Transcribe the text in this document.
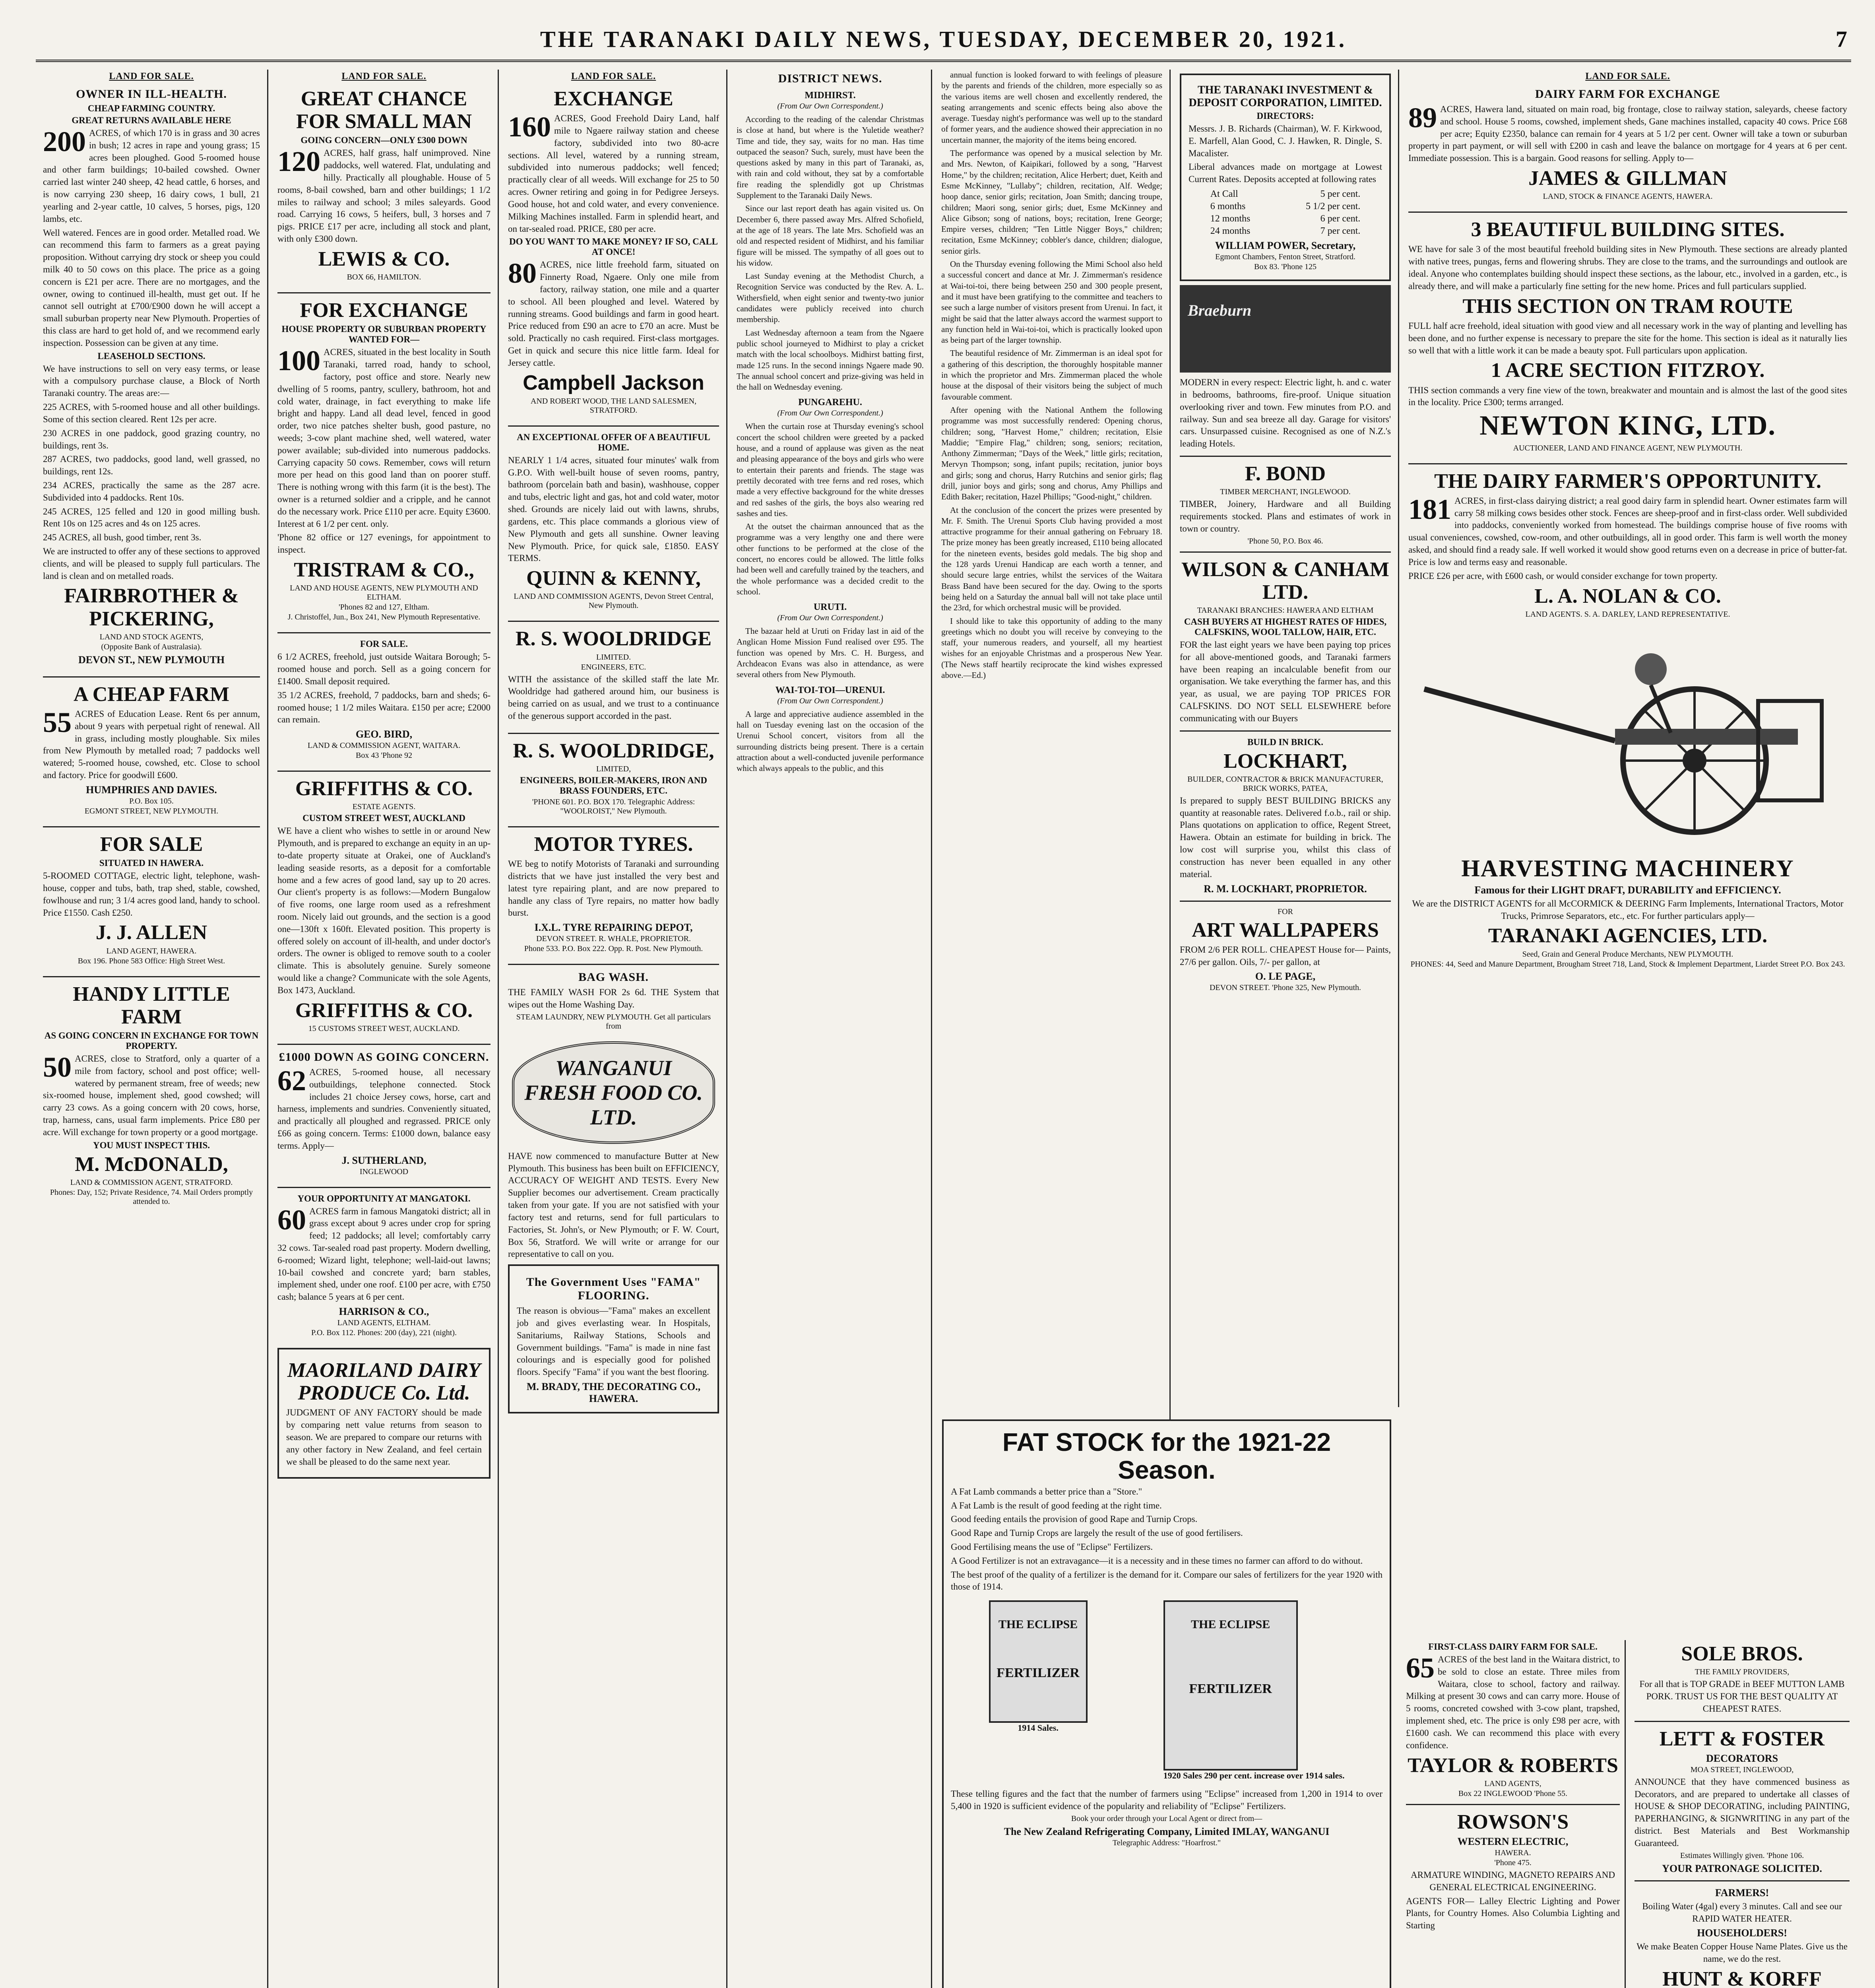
THE TARANAKI DAILY NEWS, TUESDAY, DECEMBER 20, 1921.	7
LAND FOR SALE.
OWNER IN ILL-HEALTH.
CHEAP FARMING COUNTRY.
GREAT RETURNS AVAILABLE HERE
200 ACRES, of which 170 is in grass and 30 acres in bush; 12 acres in rape and young grass; 15 acres been ploughed. Good 5-roomed house and other farm buildings; 10-bailed cowshed. Owner carried last winter 240 sheep, 42 head cattle, 6 horses, and is now carrying 230 sheep, 16 dairy cows, 1 bull, 21 yearling and 2-year cattle, 10 calves, 5 horses, pigs, 120 lambs, etc.
Well watered. Fences are in good order. Metalled road. We can recommend this farm to farmers as a great paying proposition. Without carrying dry stock or sheep you could milk 40 to 50 cows on this place. The price as a going concern is £21 per acre. There are no mortgages, and the owner, owing to continued ill-health, must get out. If he cannot sell outright at £700/£900 down he will accept a small suburban property near New Plymouth. Properties of this class are hard to get hold of, and we recommend early inspection. Possession can be given at any time.
LEASEHOLD SECTIONS.
We have instructions to sell on very easy terms, or lease with a compulsory purchase clause, a Block of North Taranaki country. The areas are:—
225 ACRES, with 5-roomed house and all other buildings. Some of this section cleared. Rent 12s per acre.
230 ACRES in one paddock, good grazing country, no buildings, rent 3s.
287 ACRES, two paddocks, good land, well grassed, no buildings, rent 12s.
234 ACRES, practically the same as the 287 acre. Subdivided into 4 paddocks. Rent 10s.
245 ACRES, 125 felled and 120 in good milling bush. Rent 10s on 125 acres and 4s on 125 acres.
245 ACRES, all bush, good timber, rent 3s.
We are instructed to offer any of these sections to approved clients, and will be pleased to supply full particulars. The land is clean and on metalled roads.
FAIRBROTHER & PICKERING,
LAND AND STOCK AGENTS,
(Opposite Bank of Australasia).
DEVON ST., NEW PLYMOUTH
A CHEAP FARM
55 ACRES of Education Lease. Rent 6s per annum, about 9 years with perpetual right of renewal. All in grass, including mostly ploughable. Six miles from New Plymouth by metalled road; 7 paddocks well watered; 5-roomed house, cowshed, etc. Close to school and factory. Price for goodwill £600.
HUMPHRIES AND DAVIES.
P.O. Box 105.
EGMONT STREET, NEW PLYMOUTH.
FOR SALE
SITUATED IN HAWERA.
5-ROOMED COTTAGE, electric light, telephone, wash-house, copper and tubs, bath, trap shed, stable, cowshed, fowlhouse and run; 3 1/4 acres good land, handy to school. Price £1550. Cash £250.
J. J. ALLEN
LAND AGENT, HAWERA.
Box 196. Phone 583 Office: High Street West.
HANDY LITTLE FARM
AS GOING CONCERN IN EXCHANGE FOR TOWN PROPERTY.
50 ACRES, close to Stratford, only a quarter of a mile from factory, school and post office; well-watered by permanent stream, free of weeds; new six-roomed house, implement shed, good cowshed; will carry 23 cows. As a going concern with 20 cows, horse, trap, harness, cans, usual farm implements. Price £80 per acre. Will exchange for town property or a good mortgage.
YOU MUST INSPECT THIS.
M. McDONALD,
LAND & COMMISSION AGENT, STRATFORD.
Phones: Day, 152; Private Residence, 74. Mail Orders promptly attended to.
LAND FOR SALE.
GREAT CHANCE FOR SMALL MAN
GOING CONCERN—ONLY £300 DOWN
120 ACRES, half grass, half unimproved. Nine paddocks, well watered. Flat, undulating and hilly. Practically all ploughable. House of 5 rooms, 8-bail cowshed, barn and other buildings; 1 1/2 miles to railway and school; 3 miles saleyards. Good road. Carrying 16 cows, 5 heifers, bull, 3 horses and 7 pigs. PRICE £17 per acre, including all stock and plant, with only £300 down.
LEWIS & CO.
BOX 66, HAMILTON.
FOR EXCHANGE
HOUSE PROPERTY OR SUBURBAN PROPERTY WANTED FOR—
100 ACRES, situated in the best locality in South Taranaki, tarred road, handy to school, factory, post office and store. Nearly new dwelling of 5 rooms, pantry, scullery, bathroom, hot and cold water, drainage, in fact everything to make life bright and happy. Land all dead level, fenced in good order, two nice patches shelter bush, good pasture, no weeds; 3-cow plant machine shed, well watered, water power available; sub-divided into numerous paddocks. Carrying capacity 50 cows. Remember, cows will return more per head on this good land than on poorer stuff. There is nothing wrong with this farm (it is the best). The owner is a returned soldier and a cripple, and he cannot do the necessary work. Price £110 per acre. Equity £3600. Interest at 6 1/2 per cent. only.
'Phone 82 office or 127 evenings, for appointment to inspect.
TRISTRAM & CO.,
LAND AND HOUSE AGENTS, NEW PLYMOUTH AND ELTHAM.
'Phones 82 and 127, Eltham.
J. Christoffel, Jun., Box 241, New Plymouth Representative.
FOR SALE.
6 1/2 ACRES, freehold, just outside Waitara Borough; 5-roomed house and porch. Sell as a going concern for £1400. Small deposit required.
35 1/2 ACRES, freehold, 7 paddocks, barn and sheds; 6-roomed house; 1 1/2 miles Waitara. £150 per acre; £2000 can remain.
GEO. BIRD,
LAND & COMMISSION AGENT, WAITARA.
Box 43 'Phone 92
GRIFFITHS & CO.
ESTATE AGENTS.
CUSTOM STREET WEST, AUCKLAND
WE have a client who wishes to settle in or around New Plymouth, and is prepared to exchange an equity in an up-to-date property situate at Orakei, one of Auckland's leading seaside resorts, as a deposit for a comfortable home and a few acres of good land, say up to 20 acres. Our client's property is as follows:—Modern Bungalow of five rooms, one large room used as a refreshment room. Nicely laid out grounds, and the section is a good one—130ft x 160ft. Elevated position. This property is offered solely on account of ill-health, and under doctor's orders. The owner is obliged to remove south to a cooler climate. This is absolutely genuine. Surely someone would like a change? Communicate with the sole Agents, Box 1473, Auckland.
GRIFFITHS & CO.
15 CUSTOMS STREET WEST, AUCKLAND.
£1000 DOWN AS GOING CONCERN.
62 ACRES, 5-roomed house, all necessary outbuildings, telephone connected. Stock includes 21 choice Jersey cows, horse, cart and harness, implements and sundries. Conveniently situated, and practically all ploughed and regrassed. PRICE only £66 as going concern. Terms: £1000 down, balance easy terms. Apply—
J. SUTHERLAND,
INGLEWOOD
YOUR OPPORTUNITY AT MANGATOKI.
60 ACRES farm in famous Mangatoki district; all in grass except about 9 acres under crop for spring feed; 12 paddocks; all level; comfortably carry 32 cows. Tar-sealed road past property. Modern dwelling, 6-roomed; Wizard light, telephone; well-laid-out lawns; 10-bail cowshed and concrete yard; barn stables, implement shed, under one roof. £100 per acre, with £750 cash; balance 5 years at 6 per cent.
HARRISON & CO.,
LAND AGENTS, ELTHAM.
P.O. Box 112. Phones: 200 (day), 221 (night).
MAORILAND DAIRY PRODUCE Co. Ltd.
JUDGMENT OF ANY FACTORY should be made by comparing nett value returns from season to season. We are prepared to compare our returns with any other factory in New Zealand, and feel certain we shall be pleased to do the same next year.
LAND FOR SALE.
EXCHANGE
160 ACRES, Good Freehold Dairy Land, half mile to Ngaere railway station and cheese factory, subdivided into two 80-acre sections. All level, watered by a running stream, subdivided into numerous paddocks; well fenced; practically clear of all weeds. Will exchange for 25 to 50 acres. Owner retiring and going in for Pedigree Jerseys. Good house, hot and cold water, and every convenience. Milking Machines installed. Farm in splendid heart, and on tar-sealed road. PRICE, £80 per acre.
DO YOU WANT TO MAKE MONEY? IF SO, CALL AT ONCE!
80 ACRES, nice little freehold farm, situated on Finnerty Road, Ngaere. Only one mile from factory, railway station, one mile and a quarter to school. All been ploughed and level. Watered by running streams. Good buildings and farm in good heart. Price reduced from £90 an acre to £70 an acre. Must be sold. Practically no cash required. First-class mortgages. Get in quick and secure this nice little farm. Ideal for Jersey cattle.
Campbell Jackson
AND ROBERT WOOD, THE LAND SALESMEN, STRATFORD.
AN EXCEPTIONAL OFFER OF A BEAUTIFUL HOME.
NEARLY 1 1/4 acres, situated four minutes' walk from G.P.O. With well-built house of seven rooms, pantry, bathroom (porcelain bath and basin), washhouse, copper and tubs, electric light and gas, hot and cold water, motor shed. Grounds are nicely laid out with lawns, shrubs, gardens, etc. This place commands a glorious view of New Plymouth and gets all sunshine. Owner leaving New Plymouth. Price, for quick sale, £1850. EASY TERMS.
QUINN & KENNY,
LAND AND COMMISSION AGENTS, Devon Street Central, New Plymouth.
R. S. WOOLDRIDGE
LIMITED.
ENGINEERS, ETC.
WITH the assistance of the skilled staff the late Mr. Wooldridge had gathered around him, our business is being carried on as usual, and we trust to a continuance of the generous support accorded in the past.
R. S. WOOLDRIDGE,
LIMITED,
ENGINEERS, BOILER-MAKERS, IRON AND BRASS FOUNDERS, ETC.
'PHONE 601. P.O. BOX 170. Telegraphic Address: "WOOLROIST," New Plymouth.
MOTOR TYRES.
WE beg to notify Motorists of Taranaki and surrounding districts that we have just installed the very best and latest tyre repairing plant, and are now prepared to handle any class of Tyre repairs, no matter how badly burst.
I.X.L. TYRE REPAIRING DEPOT,
DEVON STREET. R. WHALE, PROPRIETOR.
Phone 533. P.O. Box 222. Opp. R. Post. New Plymouth.
BAG WASH.
THE FAMILY WASH FOR 2s 6d. THE System that wipes out the Home Washing Day.
STEAM LAUNDRY, NEW PLYMOUTH. Get all particulars from
WANGANUI FRESH FOOD CO. LTD.
HAVE now commenced to manufacture Butter at New Plymouth. This business has been built on EFFICIENCY, ACCURACY OF WEIGHT AND TESTS. Every New Supplier becomes our advertisement. Cream practically taken from your gate. If you are not satisfied with your factory test and returns, send for full particulars to Factories, St. John's, or New Plymouth; or F. W. Court, Box 56, Stratford. We will write or arrange for our representative to call on you.
The Government Uses "FAMA" FLOORING.
The reason is obvious—"Fama" makes an excellent job and gives everlasting wear. In Hospitals, Sanitariums, Railway Stations, Schools and Government buildings. "Fama" is made in nine fast colourings and is especially good for polished floors. Specify "Fama" if you want the best flooring.
M. BRADY, THE DECORATING CO., HAWERA.
DISTRICT NEWS.
MIDHIRST.
(From Our Own Correspondent.)

According to the reading of the calendar Christmas is close at hand, but where is the Yuletide weather? Time and tide, they say, waits for no man. Has time outpaced the season? Such, surely, must have been the questions asked by many in this part of Taranaki, as, with rain and cold without, they sat by a comfortable fire reading the splendidly got up Christmas Supplement to the Taranaki Daily News.

Since our last report death has again visited us. On December 6, there passed away Mrs. Alfred Schofield, at the age of 18 years. The late Mrs. Schofield was an old and respected resident of Midhirst, and his familiar figure will be missed. The sympathy of all goes out to his widow.

Last Sunday evening at the Methodist Church, a Recognition Service was conducted by the Rev. A. L. Withersfield, when eight senior and twenty-two junior candidates were publicly received into church membership.

Last Wednesday afternoon a team from the Ngaere public school journeyed to Midhirst to play a cricket match with the local schoolboys. Midhirst batting first, made 125 runs. In the second innings Ngaere made 90. The annual school concert and prize-giving was held in the hall on Wednesday evening.

PUNGAREHU.
(From Our Own Correspondent.)

When the curtain rose at Thursday evening's school concert the school children were greeted by a packed house, and a round of applause was given as the neat and pleasing appearance of the boys and girls who were to entertain their parents and friends. The stage was prettily decorated with tree ferns and red roses, which made a very effective background for the white dresses and red sashes of the girls, the boys also wearing red sashes and ties.

At the outset the chairman announced that as the programme was a very lengthy one and there were other functions to be performed at the close of the concert, no encores could be allowed. The little folks had been well and carefully trained by the teachers, and the whole performance was a decided credit to the school.

URUTI.
(From Our Own Correspondent.)

The bazaar held at Uruti on Friday last in aid of the Anglican Home Mission Fund realised over £95. The function was opened by Mrs. C. H. Burgess, and Archdeacon Evans was also in attendance, as were several others from New Plymouth.

WAI-TOI-TOI—URENUI.
(From Our Own Correspondent.)

A large and appreciative audience assembled in the hall on Tuesday evening last on the occasion of the Urenui School concert, visitors from all the surrounding districts being present. There is a certain attraction about a well-conducted juvenile performance which always appeals to the public, and this

annual function is looked forward to with feelings of pleasure by the parents and friends of the children, more especially so as the various items are well chosen and excellently rendered, the seating arrangements and scenic effects being also above the average. Tuesday night's performance was well up to the standard of former years, and the audience showed their appreciation in no uncertain manner, the majority of the items being encored.

The performance was opened by a musical selection by Mr. and Mrs. Newton, of Kaipikari, followed by a song, "Harvest Home," by the children; recitation, Alice Herbert; duet, Keith and Esme McKinney, "Lullaby"; children, recitation, Alf. Wedge; hoop dance, senior girls; recitation, Joan Smith; dancing troupe, children; Maori song, senior girls; duet, Esme McKinney and Alice Gibson; song of nations, boys; recitation, Irene George; Empire verses, children; "Ten Little Nigger Boys," children; recitation, Esme McKinney; cobbler's dance, children; dialogue, senior girls.

On the Thursday evening following the Mimi School also held a successful concert and dance at Mr. J. Zimmerman's residence at Wai-toi-toi, there being between 250 and 300 people present, and it must have been gratifying to the committee and teachers to see such a large number of visitors present from Urenui. In fact, it might be said that the latter always accord the warmest support to any function held in Wai-toi-toi, which is practically looked upon as being part of the larger township.

The beautiful residence of Mr. Zimmerman is an ideal spot for a gathering of this description, the thoroughly hospitable manner in which the proprietor and Mrs. Zimmerman placed the whole house at the disposal of their visitors being the subject of much favourable comment.

After opening with the National Anthem the following programme was most successfully rendered: Opening chorus, children; song, "Harvest Home," children; recitation, Elsie Maddie; "Empire Flag," children; song, seniors; recitation, Anthony Zimmerman; "Days of the Week," little girls; recitation, Mervyn Thompson; song, infant pupils; recitation, junior boys and girls; song and chorus, Harry Rutchins and senior girls; flag drill, junior boys and girls; song and chorus, Amy Phillips and Edith Baker; recitation, Hazel Phillips; "Good-night," children.

At the conclusion of the concert the prizes were presented by Mr. F. Smith. The Urenui Sports Club having provided a most attractive programme for their annual gathering on February 18. The prize money has been greatly increased, £110 being allocated for the nineteen events, besides gold medals. The big shop and the 128 yards Urenui Handicap are each worth a tenner, and should secure large entries, whilst the services of the Waitara Brass Band have been secured for the day. Owing to the sports being held on a Saturday the annual ball will not take place until the 23rd, for which orchestral music will be provided.

I should like to take this opportunity of adding to the many greetings which no doubt you will receive by conveying to the staff, your numerous readers, and yourself, all my heartiest wishes for an enjoyable Christmas and a prosperous New Year. (The News staff heartily reciprocate the kind wishes expressed above.—Ed.)

FAT STOCK for the 1921-22 Season.
A Fat Lamb commands a better price than a "Store."
A Fat Lamb is the result of good feeding at the right time.
Good feeding entails the provision of good Rape and Turnip Crops.
Good Rape and Turnip Crops are largely the result of the use of good fertilisers.
Good Fertilising means the use of "Eclipse" Fertilizers.
A Good Fertilizer is not an extravagance—it is a necessity and in these times no farmer can afford to do without.
The best proof of the quality of a fertilizer is the demand for it. Compare our sales of fertilizers for the year 1920 with those of 1914.
THE ECLIPSE
FERTILIZER
1914 Sales.
THE ECLIPSE
FERTILIZER
1920 Sales 290 per cent. increase over 1914 sales.
These telling figures and the fact that the number of farmers using "Eclipse" increased from 1,200 in 1914 to over 5,400 in 1920 is sufficient evidence of the popularity and reliability of "Eclipse" Fertilizers.
Book your order through your Local Agent or direct from—
The New Zealand Refrigerating Company, Limited IMLAY, WANGANUI
Telegraphic Address: "Hoarfrost."
THE TARANAKI INVESTMENT & DEPOSIT CORPORATION, LIMITED.
DIRECTORS:
Messrs. J. B. Richards (Chairman), W. F. Kirkwood, E. Marfell, Alan Good, C. J. Hawken, R. Dingle, S. Macalister.
Liberal advances made on mortgage at Lowest Current Rates. Deposits accepted at following rates
At Call	5 per cent.
6 months	5 1/2 per cent.
12 months	6 per cent.
24 months	7 per cent.
WILLIAM POWER, Secretary,
Egmont Chambers, Fenton Street, Stratford.
Box 83. 'Phone 125
Braeburn
MODERN in every respect: Electric light, h. and c. water in bedrooms, bathrooms, fire-proof. Unique situation overlooking river and town. Few minutes from P.O. and railway. Sun and sea breeze all day. Garage for visitors' cars. Unsurpassed cuisine. Recognised as one of N.Z.'s leading Hotels.
F. BOND
TIMBER MERCHANT, INGLEWOOD.
TIMBER, Joinery, Hardware and all Building requirements stocked. Plans and estimates of work in town or country.
'Phone 50, P.O. Box 46.
WILSON & CANHAM LTD.
TARANAKI BRANCHES: HAWERA AND ELTHAM
CASH BUYERS AT HIGHEST RATES OF HIDES, CALFSKINS, WOOL TALLOW, HAIR, ETC.
FOR the last eight years we have been paying top prices for all above-mentioned goods, and Taranaki farmers have been reaping an incalculable benefit from our organisation. We take everything the farmer has, and this year, as usual, we are paying TOP PRICES FOR CALFSKINS. DO NOT SELL ELSEWHERE before communicating with our Buyers
BUILD IN BRICK.
LOCKHART,
BUILDER, CONTRACTOR & BRICK MANUFACTURER, BRICK WORKS, PATEA,
Is prepared to supply BEST BUILDING BRICKS any quantity at reasonable rates. Delivered f.o.b., rail or ship. Plans quotations on application to office, Regent Street, Hawera. Obtain an estimate for building in brick. The low cost will surprise you, whilst this class of construction has never been equalled in any other material.
R. M. LOCKHART, PROPRIETOR.
FOR
ART WALLPAPERS
FROM 2/6 PER ROLL. CHEAPEST House for— Paints, 27/6 per gallon. Oils, 7/- per gallon, at
O. LE PAGE,
DEVON STREET. 'Phone 325, New Plymouth.
LAND FOR SALE.
DAIRY FARM FOR EXCHANGE
89 ACRES, Hawera land, situated on main road, big frontage, close to railway station, saleyards, cheese factory and school. House 5 rooms, cowshed, implement sheds, Gane machines installed, capacity 40 cows. Price £68 per acre; Equity £2350, balance can remain for 4 years at 5 1/2 per cent. Owner will take a town or suburban property in part payment, or will sell with £200 in cash and leave the balance on mortgage for 4 years at 6 per cent. Immediate possession. This is a bargain. Good reasons for selling. Apply to—
JAMES & GILLMAN
LAND, STOCK & FINANCE AGENTS, HAWERA.
3 BEAUTIFUL BUILDING SITES.
WE have for sale 3 of the most beautiful freehold building sites in New Plymouth. These sections are already planted with native trees, pungas, ferns and flowering shrubs. They are close to the trams, and the surroundings and outlook are ideal. Anyone who contemplates building should inspect these sections, as the labour, etc., involved in a garden, etc., is already there, and will make a particularly fine setting for the new home. Prices and full particulars supplied.
THIS SECTION ON TRAM ROUTE
FULL half acre freehold, ideal situation with good view and all necessary work in the way of planting and levelling has been done, and no further expense is necessary to prepare the site for the home. This section is ideal as it naturally lies so well that with a little work it can be made a beauty spot. Full particulars upon application.
1 ACRE SECTION FITZROY.
THIS section commands a very fine view of the town, breakwater and mountain and is almost the last of the good sites in the locality. Price £300; terms arranged.
NEWTON KING, LTD.
AUCTIONEER, LAND AND FINANCE AGENT, NEW PLYMOUTH.
THE DAIRY FARMER'S OPPORTUNITY.
181 ACRES, in first-class dairying district; a real good dairy farm in splendid heart. Owner estimates farm will carry 58 milking cows besides other stock. Fences are sheep-proof and in first-class order. Well subdivided into paddocks, conveniently worked from homestead. The buildings comprise house of five rooms with usual conveniences, cowshed, cow-room, and other outbuildings, all in good order. This farm is well worth the money asked, and should find a ready sale. If well worked it would show good returns even on a decrease in price of butter-fat. Price is low and terms easy and reasonable.
PRICE £26 per acre, with £600 cash, or would consider exchange for town property.
L. A. NOLAN & CO.
LAND AGENTS. S. A. DARLEY, LAND REPRESENTATIVE.
HARVESTING MACHINERY
Famous for their LIGHT DRAFT, DURABILITY and EFFICIENCY.
We are the DISTRICT AGENTS for all McCORMICK & DEERING Farm Implements, International Tractors, Motor Trucks, Primrose Separators, etc., etc. For further particulars apply—
TARANAKI AGENCIES, LTD.
Seed, Grain and General Produce Merchants, NEW PLYMOUTH.
PHONES: 44, Seed and Manure Department, Brougham Street 718, Land, Stock & Implement Department, Liardet Street P.O. Box 243.
FIRST-CLASS DAIRY FARM FOR SALE.
65 ACRES of the best land in the Waitara district, to be sold to close an estate. Three miles from Waitara, close to school, factory and railway. Milking at present 30 cows and can carry more. House of 5 rooms, concreted cowshed with 3-cow plant, trapshed, implement shed, etc. The price is only £98 per acre, with £1600 cash. We can recommend this place with every confidence.
TAYLOR & ROBERTS
LAND AGENTS,
Box 22 INGLEWOOD 'Phone 55.
ROWSON'S
WESTERN ELECTRIC,
HAWERA.
'Phone 475.
ARMATURE WINDING, MAGNETO REPAIRS AND GENERAL ELECTRICAL ENGINEERING.
AGENTS FOR— Lalley Electric Lighting and Power Plants, for Country Homes. Also Columbia Lighting and Starting
SOLE BROS.
THE FAMILY PROVIDERS,
For all that is TOP GRADE in BEEF MUTTON LAMB PORK. TRUST US FOR THE BEST QUALITY AT CHEAPEST RATES.
LETT & FOSTER
DECORATORS
MOA STREET, INGLEWOOD,
ANNOUNCE that they have commenced business as Decorators, and are prepared to undertake all classes of HOUSE & SHOP DECORATING, including PAINTING, PAPERHANGING, & SIGNWRITING in any part of the district. Best Materials and Best Workmanship Guaranteed.
Estimates Willingly given. 'Phone 106.
YOUR PATRONAGE SOLICITED.
FARMERS!
Boiling Water (4gal) every 3 minutes. Call and see our RAPID WATER HEATER.
HOUSEHOLDERS!
We make Beaten Copper House Name Plates. Give us the name, we do the rest.
HUNT & KORFF
